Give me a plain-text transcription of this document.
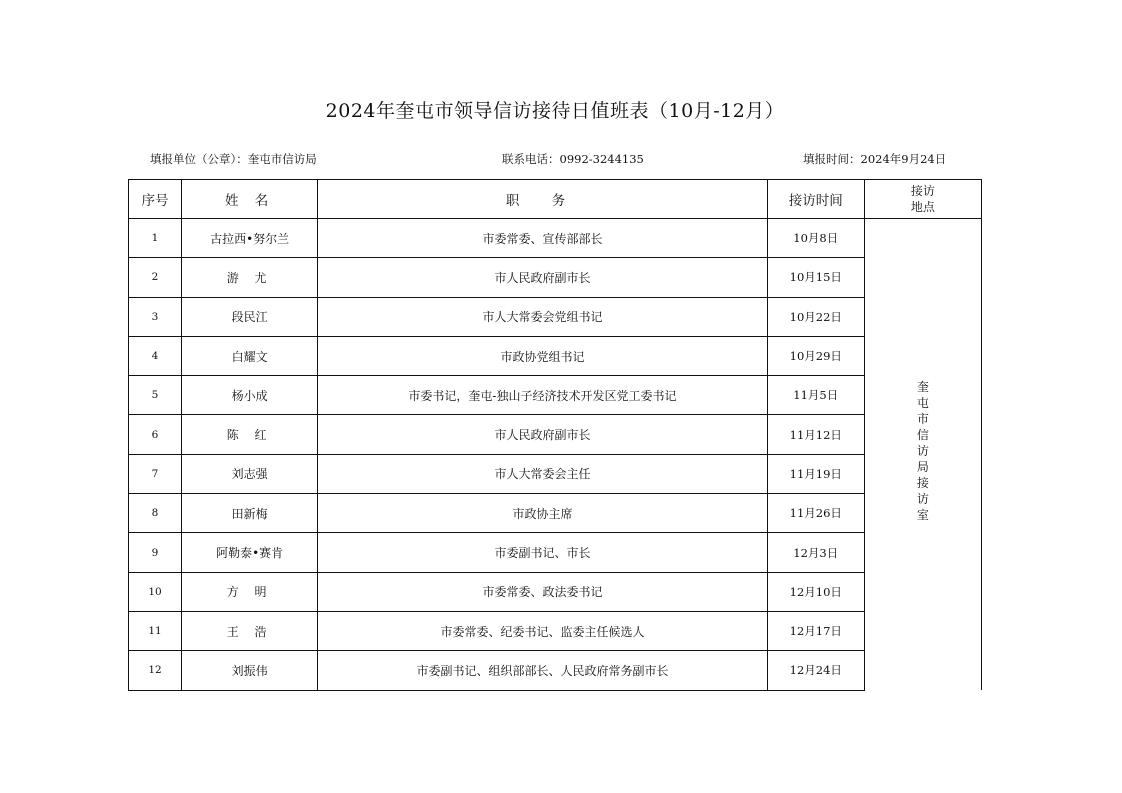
2024年奎屯市领导信访接待日值班表（10月-12月）
填报单位（公章）：奎屯市信访局	联系电话：0992-3244135	填报时间：2024年9月24日
序号	姓 名	职 务	接访时间	接访地点
1	古拉西•努尔兰	市委常委、宣传部部长	10月8日	奎屯市信访局接访室
2	游 尤	市人民政府副市长	10月15日	
3	段民江	市人大常委会党组书记	10月22日	
4	白耀文	市政协党组书记	10月29日	
5	杨小成	市委书记，奎屯-独山子经济技术开发区党工委书记	11月5日	
6	陈 红	市人民政府副市长	11月12日	
7	刘志强	市人大常委会主任	11月19日	
8	田新梅	市政协主席	11月26日	
9	阿勒泰•赛肯	市委副书记、市长	12月3日	
10	方 明	市委常委、政法委书记	12月10日	
11	王 浩	市委常委、纪委书记、监委主任候选人	12月17日	
12	刘振伟	市委副书记、组织部部长、人民政府常务副市长	12月24日	
